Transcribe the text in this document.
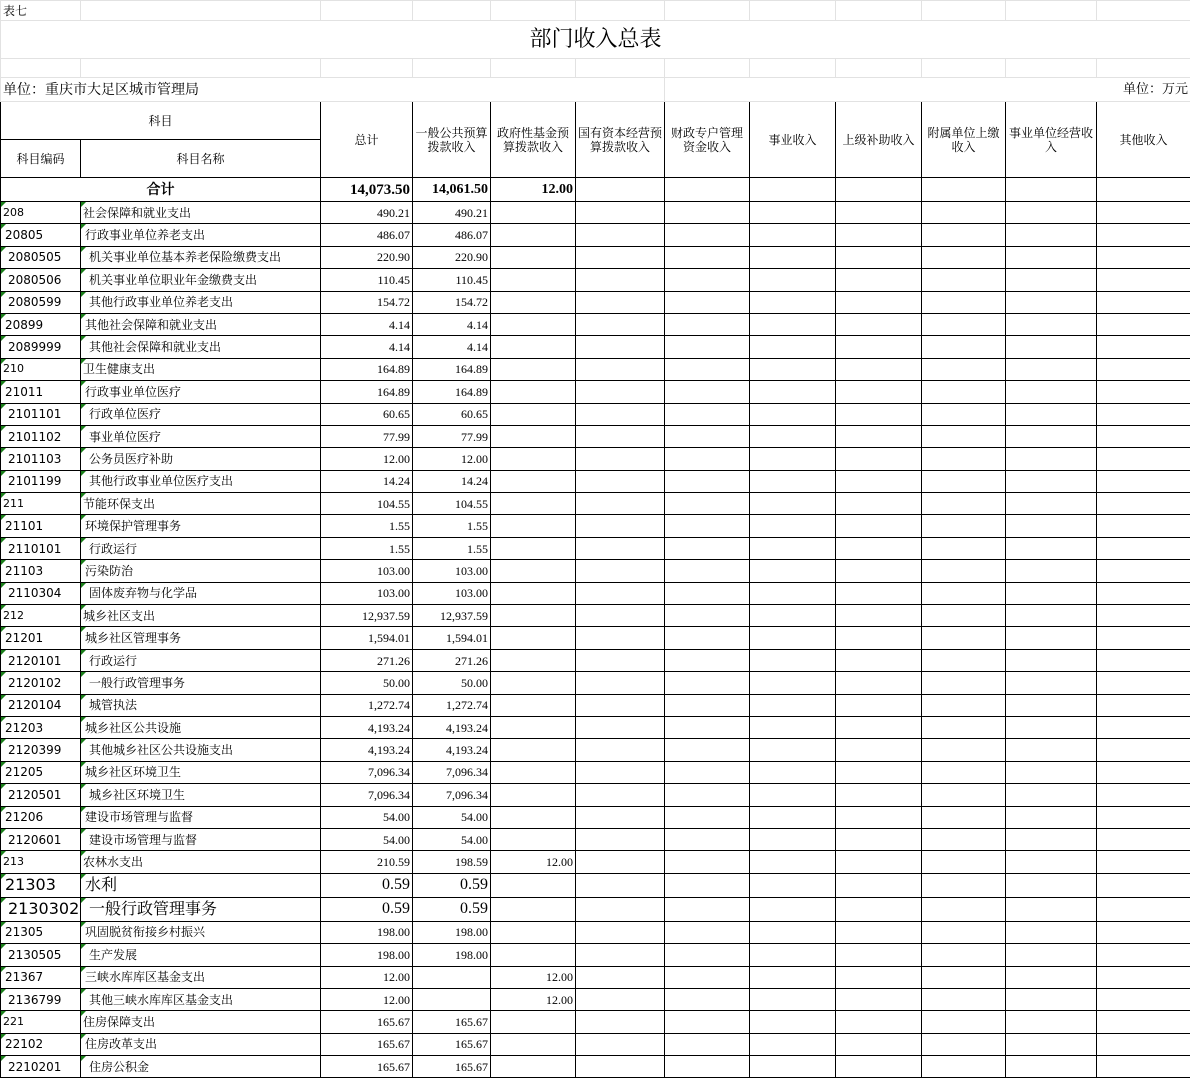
表七											
部门收入总表											

单位：重庆市大足区城市管理局						单位：万元					
科目		总计	一般公共预算拨款收入	政府性基金预算拨款收入	国有资本经营预算拨款收入	财政专户管理资金收入	事业收入	上级补助收入	附属单位上缴收入	事业单位经营收入	其他收入
科目编码	科目名称										
合计		14,073.50	14,061.50	12.00							
208	社会保障和就业支出	490.21	490.21								
20805	行政事业单位养老支出	486.07	486.07								
2080505	机关事业单位基本养老保险缴费支出	220.90	220.90								
2080506	机关事业单位职业年金缴费支出	110.45	110.45								
2080599	其他行政事业单位养老支出	154.72	154.72								
20899	其他社会保障和就业支出	4.14	4.14								
2089999	其他社会保障和就业支出	4.14	4.14								
210	卫生健康支出	164.89	164.89								
21011	行政事业单位医疗	164.89	164.89								
2101101	行政单位医疗	60.65	60.65								
2101102	事业单位医疗	77.99	77.99								
2101103	公务员医疗补助	12.00	12.00								
2101199	其他行政事业单位医疗支出	14.24	14.24								
211	节能环保支出	104.55	104.55								
21101	环境保护管理事务	1.55	1.55								
2110101	行政运行	1.55	1.55								
21103	污染防治	103.00	103.00								
2110304	固体废弃物与化学品	103.00	103.00								
212	城乡社区支出	12,937.59	12,937.59								
21201	城乡社区管理事务	1,594.01	1,594.01								
2120101	行政运行	271.26	271.26								
2120102	一般行政管理事务	50.00	50.00								
2120104	城管执法	1,272.74	1,272.74								
21203	城乡社区公共设施	4,193.24	4,193.24								
2120399	其他城乡社区公共设施支出	4,193.24	4,193.24								
21205	城乡社区环境卫生	7,096.34	7,096.34								
2120501	城乡社区环境卫生	7,096.34	7,096.34								
21206	建设市场管理与监督	54.00	54.00								
2120601	建设市场管理与监督	54.00	54.00								
213	农林水支出	210.59	198.59	12.00							
21303	水利	0.59	0.59								
2130302	一般行政管理事务	0.59	0.59								
21305	巩固脱贫衔接乡村振兴	198.00	198.00								
2130505	生产发展	198.00	198.00								
21367	三峡水库库区基金支出	12.00		12.00							
2136799	其他三峡水库库区基金支出	12.00		12.00							
221	住房保障支出	165.67	165.67								
22102	住房改革支出	165.67	165.67								
2210201	住房公积金	165.67	165.67								
